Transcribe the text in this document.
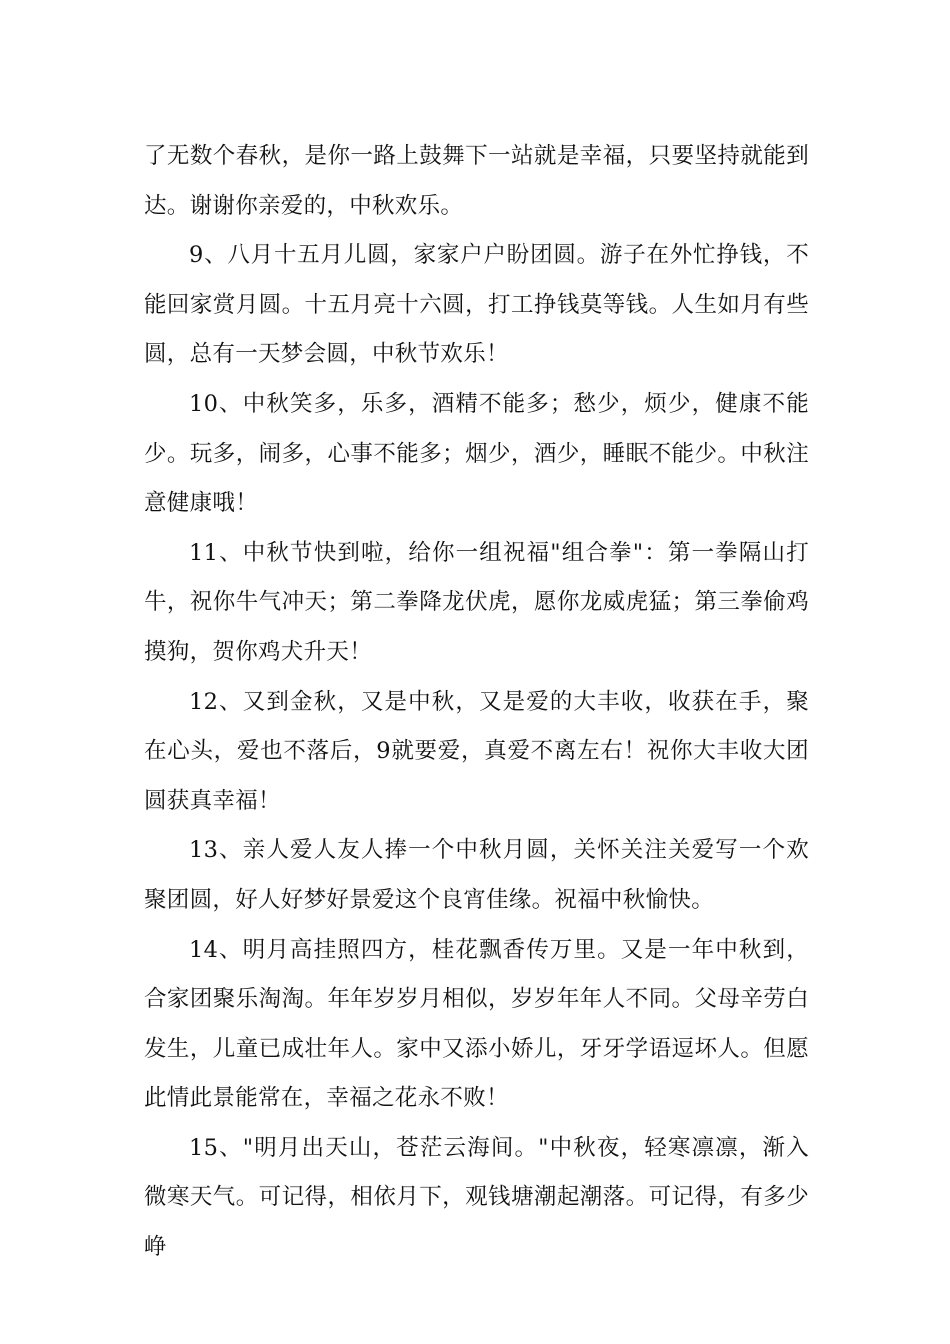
了无数个春秋，是你一路上鼓舞下一站就是幸福，只要坚持就能到达。谢谢你亲爱的，中秋欢乐。

9、八月十五月儿圆，家家户户盼团圆。游子在外忙挣钱，不能回家赏月圆。十五月亮十六圆，打工挣钱莫等钱。人生如月有些圆，总有一天梦会圆，中秋节欢乐！

10、中秋笑多，乐多，酒精不能多；愁少，烦少，健康不能少。玩多，闹多，心事不能多；烟少，酒少，睡眠不能少。中秋注意健康哦！

11、中秋节快到啦，给你一组祝福"组合拳"：第一拳隔山打牛，祝你牛气冲天；第二拳降龙伏虎，愿你龙威虎猛；第三拳偷鸡摸狗，贺你鸡犬升天！

12、又到金秋，又是中秋，又是爱的大丰收，收获在手，聚在心头，爱也不落后，9就要爱，真爱不离左右！祝你大丰收大团圆获真幸福！

13、亲人爱人友人捧一个中秋月圆，关怀关注关爱写一个欢聚团圆，好人好梦好景爱这个良宵佳缘。祝福中秋愉快。

14、明月高挂照四方，桂花飘香传万里。又是一年中秋到，合家团聚乐淘淘。年年岁岁月相似，岁岁年年人不同。父母辛劳白发生，儿童已成壮年人。家中又添小娇儿，牙牙学语逗坏人。但愿此情此景能常在，幸福之花永不败！

15、"明月出天山，苍茫云海间。"中秋夜，轻寒凛凛，渐入微寒天气。可记得，相依月下，观钱塘潮起潮落。可记得，有多少峥
